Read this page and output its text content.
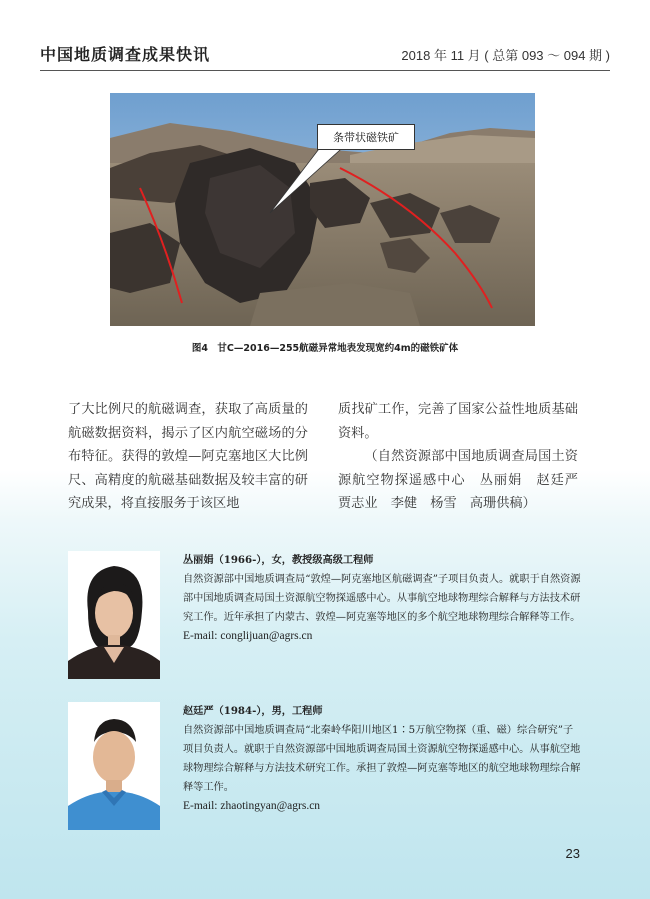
中国地质调查成果快讯	2018 年 11 月 ( 总第 093 ～ 094 期 )
条带状磁铁矿
图4　甘C—2016—255航磁异常地表发现宽约4m的磁铁矿体

了大比例尺的航磁调查，获取了高质量的航磁数据资料，揭示了区内航空磁场的分布特征。获得的敦煌—阿克塞地区大比例尺、高精度的航磁基础数据及较丰富的研究成果，将直接服务于该区地

质找矿工作，完善了国家公益性地质基础资料。

（自然资源部中国地质调查局国土资源航空物探遥感中心　丛丽娟　赵廷严　贾志业　李健　杨雪　高珊供稿）

丛丽娟（1966-），女，教授级高级工程师

自然资源部中国地质调查局“敦煌—阿克塞地区航磁调查”子项目负责人。就职于自然资源部中国地质调查局国土资源航空物探遥感中心。从事航空地球物理综合解释与方法技术研究工作。近年承担了内蒙古、敦煌—阿克塞等地区的多个航空地球物理综合解释等工作。

E-mail: conglijuan@agrs.cn

赵廷严（1984-），男，工程师

自然资源部中国地质调查局“北秦岭华阳川地区1∶5万航空物探（重、磁）综合研究”子项目负责人。就职于自然资源部中国地质调查局国土资源航空物探遥感中心。从事航空地球物理综合解释与方法技术研究工作。承担了敦煌—阿克塞等地区的航空地球物理综合解释等工作。

E-mail: zhaotingyan@agrs.cn

23
